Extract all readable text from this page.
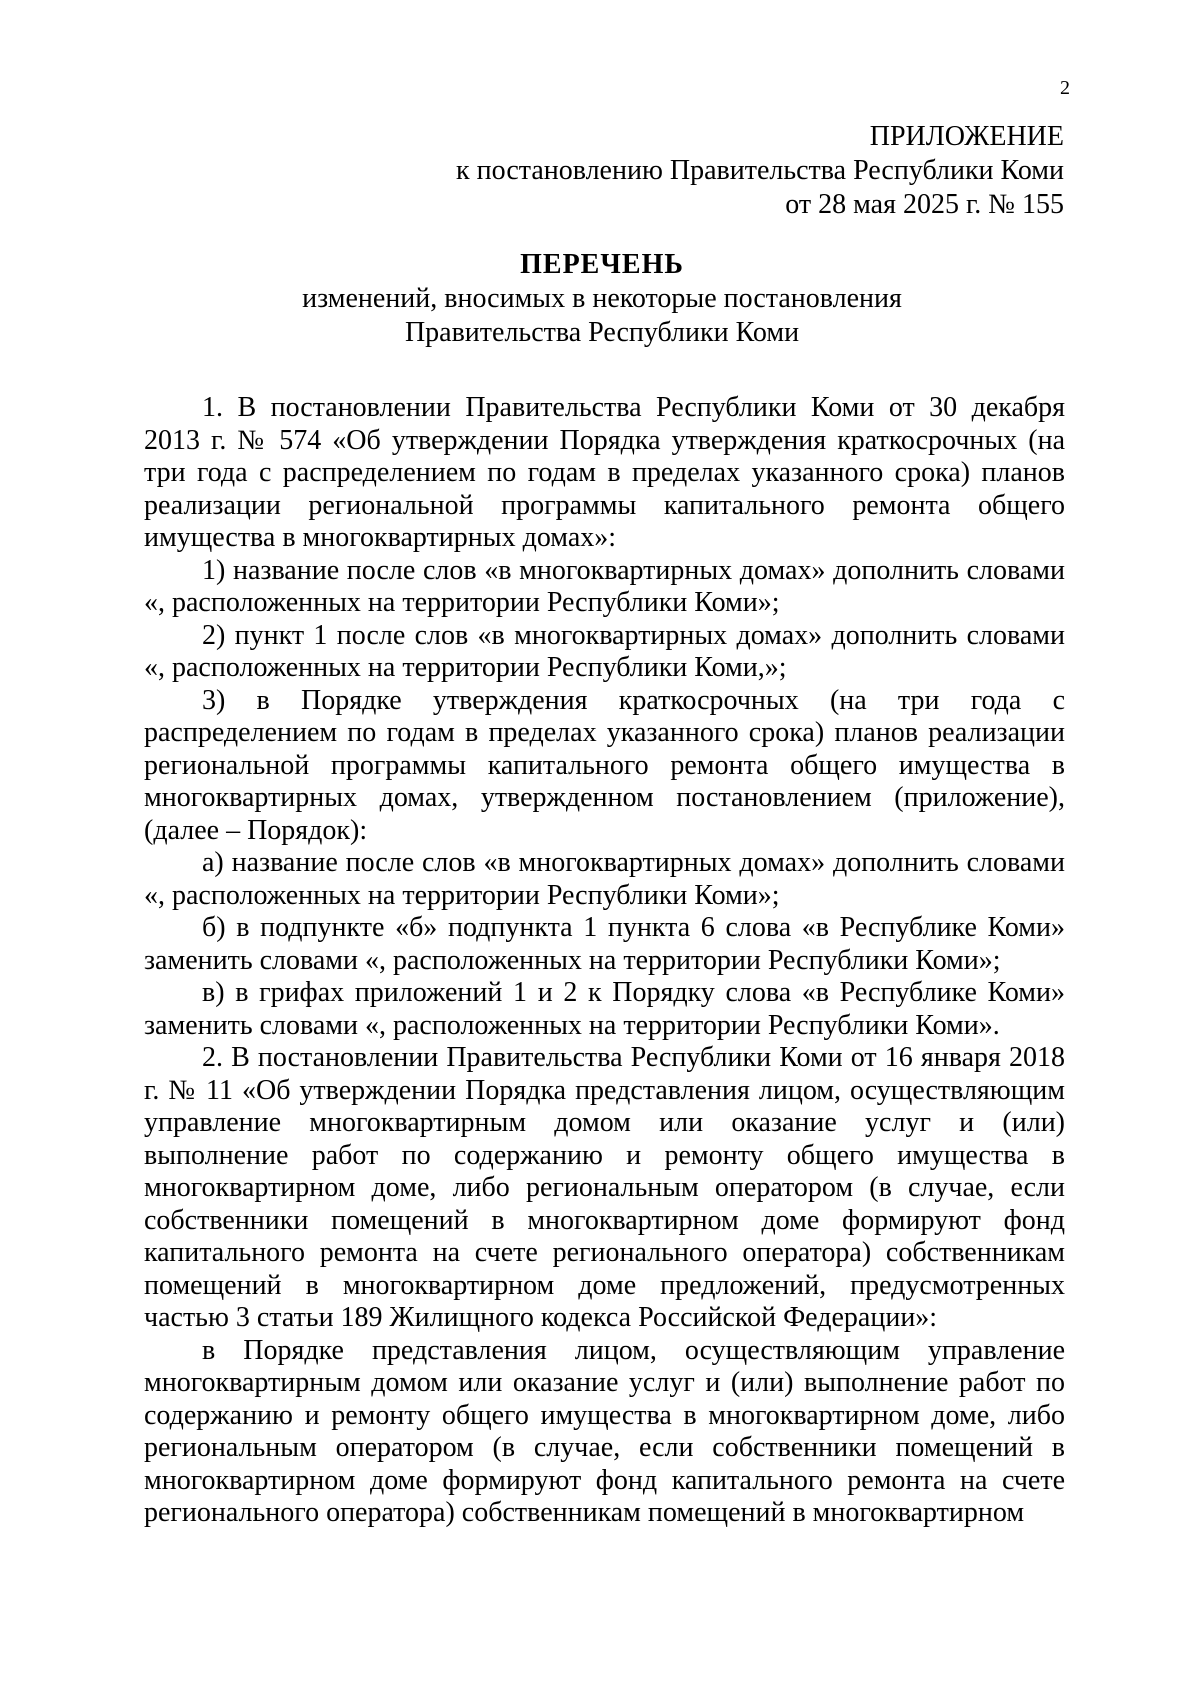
2
ПРИЛОЖЕНИЕ
к постановлению Правительства Республики Коми
от 28 мая 2025 г. № 155
ПЕРЕЧЕНЬ
изменений, вносимых в некоторые постановления
Правительства Республики Коми

1. В постановлении Правительства Республики Коми от 30 декабря 2013 г. № 574 «Об утверждении Порядка утверждения краткосрочных (на три года с распределением по годам в пределах указанного срока) планов реализации региональной программы капитального ремонта общего имущества в многоквартирных домах»:

1) название после слов «в многоквартирных домах» дополнить словами «, расположенных на территории Республики Коми»;

2) пункт 1 после слов «в многоквартирных домах» дополнить словами «, расположенных на территории Республики Коми,»;

3) в Порядке утверждения краткосрочных (на три года с распределением по годам в пределах указанного срока) планов реализации региональной программы капитального ремонта общего имущества в многоквартирных домах, утвержденном постановлением (приложение), (далее – Порядок):

а) название после слов «в многоквартирных домах» дополнить словами «, расположенных на территории Республики Коми»;

б) в подпункте «б» подпункта 1 пункта 6 слова «в Республике Коми» заменить словами «, расположенных на территории Республики Коми»;

в) в грифах приложений 1 и 2 к Порядку слова «в Республике Коми» заменить словами «, расположенных на территории Республики Коми».

2. В постановлении Правительства Республики Коми от 16 января 2018 г. № 11 «Об утверждении Порядка представления лицом, осуществляющим управление многоквартирным домом или оказание услуг и (или) выполнение работ по содержанию и ремонту общего имущества в многоквартирном доме, либо региональным оператором (в случае, если собственники помещений в многоквартирном доме формируют фонд капитального ремонта на счете регионального оператора) собственникам помещений в многоквартирном доме предложений, предусмотренных частью 3 статьи 189 Жилищного кодекса Российской Федерации»:

в Порядке представления лицом, осуществляющим управление многоквартирным домом или оказание услуг и (или) выполнение работ по содержанию и ремонту общего имущества в многоквартирном доме, либо региональным оператором (в случае, если собственники помещений в многоквартирном доме формируют фонд капитального ремонта на счете регионального оператора) собственникам помещений в многоквартирном
